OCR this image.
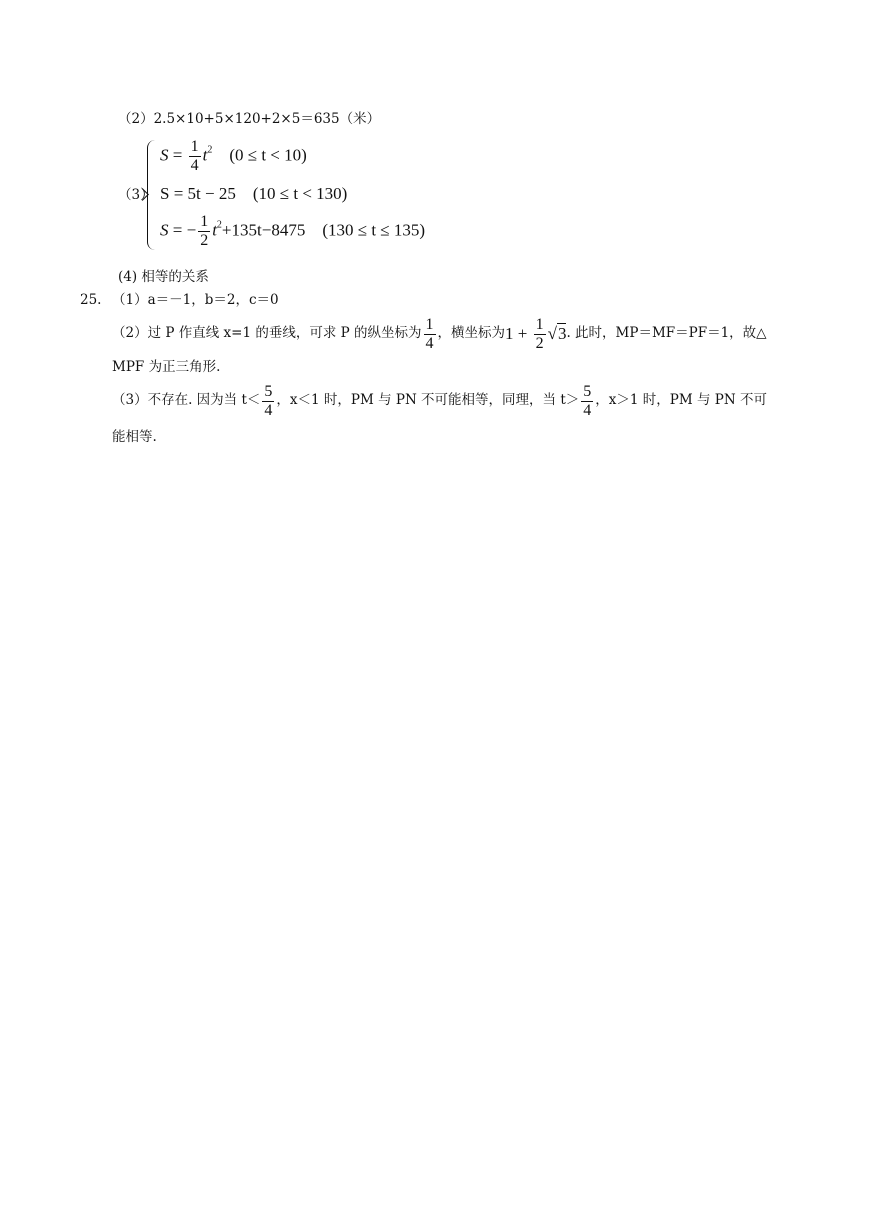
（2）2.5×10+5×120+2×5＝635（米）
（3）
$S = \frac{1}{4} t^2$ (0 ≤ t < 10)
S = 5t − 25 (10 ≤ t < 130)
S = − $\frac{1}{2} t^2+135t-8475$ (130 ≤ t ≤ 135)
(4) 相等的关系
25. （1）a＝－1，b＝2，c＝0
（2）过 P 作直线 x=1 的垂线，可求 P 的纵坐标为 $\frac{1}{4}$ ，横坐标为$1 + \frac{1}{2} √3$. 此时，MP＝MF＝PF＝1，故△
MPF 为正三角形.
（3）不存在. 因为当 $t< \frac{5}{4}$ ，x＜1 时，PM 与 PN 不可能相等，同理，当 $t> \frac{5}{4}$ ，x＞1 时，PM 与 PN 不可
能相等.
